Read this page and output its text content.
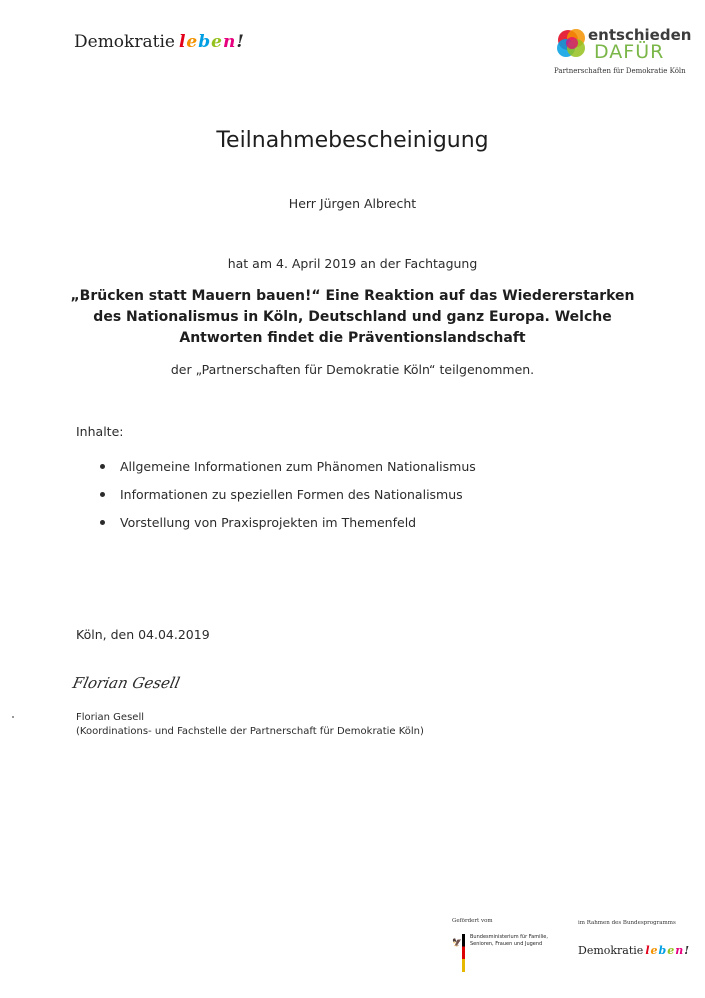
Demokratie leben!	entschieden
DAFÜR
Partnerschaften für Demokratie Köln
Teilnahmebescheinigung
Herr Jürgen Albrecht
hat am 4. April 2019 an der Fachtagung
„Brücken statt Mauern bauen!“ Eine Reaktion auf das Wiedererstarken des Nationalismus in Köln, Deutschland und ganz Europa. Welche Antworten findet die Präventionslandschaft
der „Partnerschaften für Demokratie Köln“ teilgenommen.
Inhalte:
Allgemeine Informationen zum Phänomen Nationalismus
Informationen zu speziellen Formen des Nationalismus
Vorstellung von Praxisprojekten im Themenfeld
Köln, den 04.04.2019
Florian Gesell
Florian Gesell
(Koordinations- und Fachstelle der Partnerschaft für Demokratie Köln)
Gefördert vom
🦅
Bundesministerium für Familie, Senioren, Frauen und Jugend
im Rahmen des Bundesprogramms
Demokratie leben!
